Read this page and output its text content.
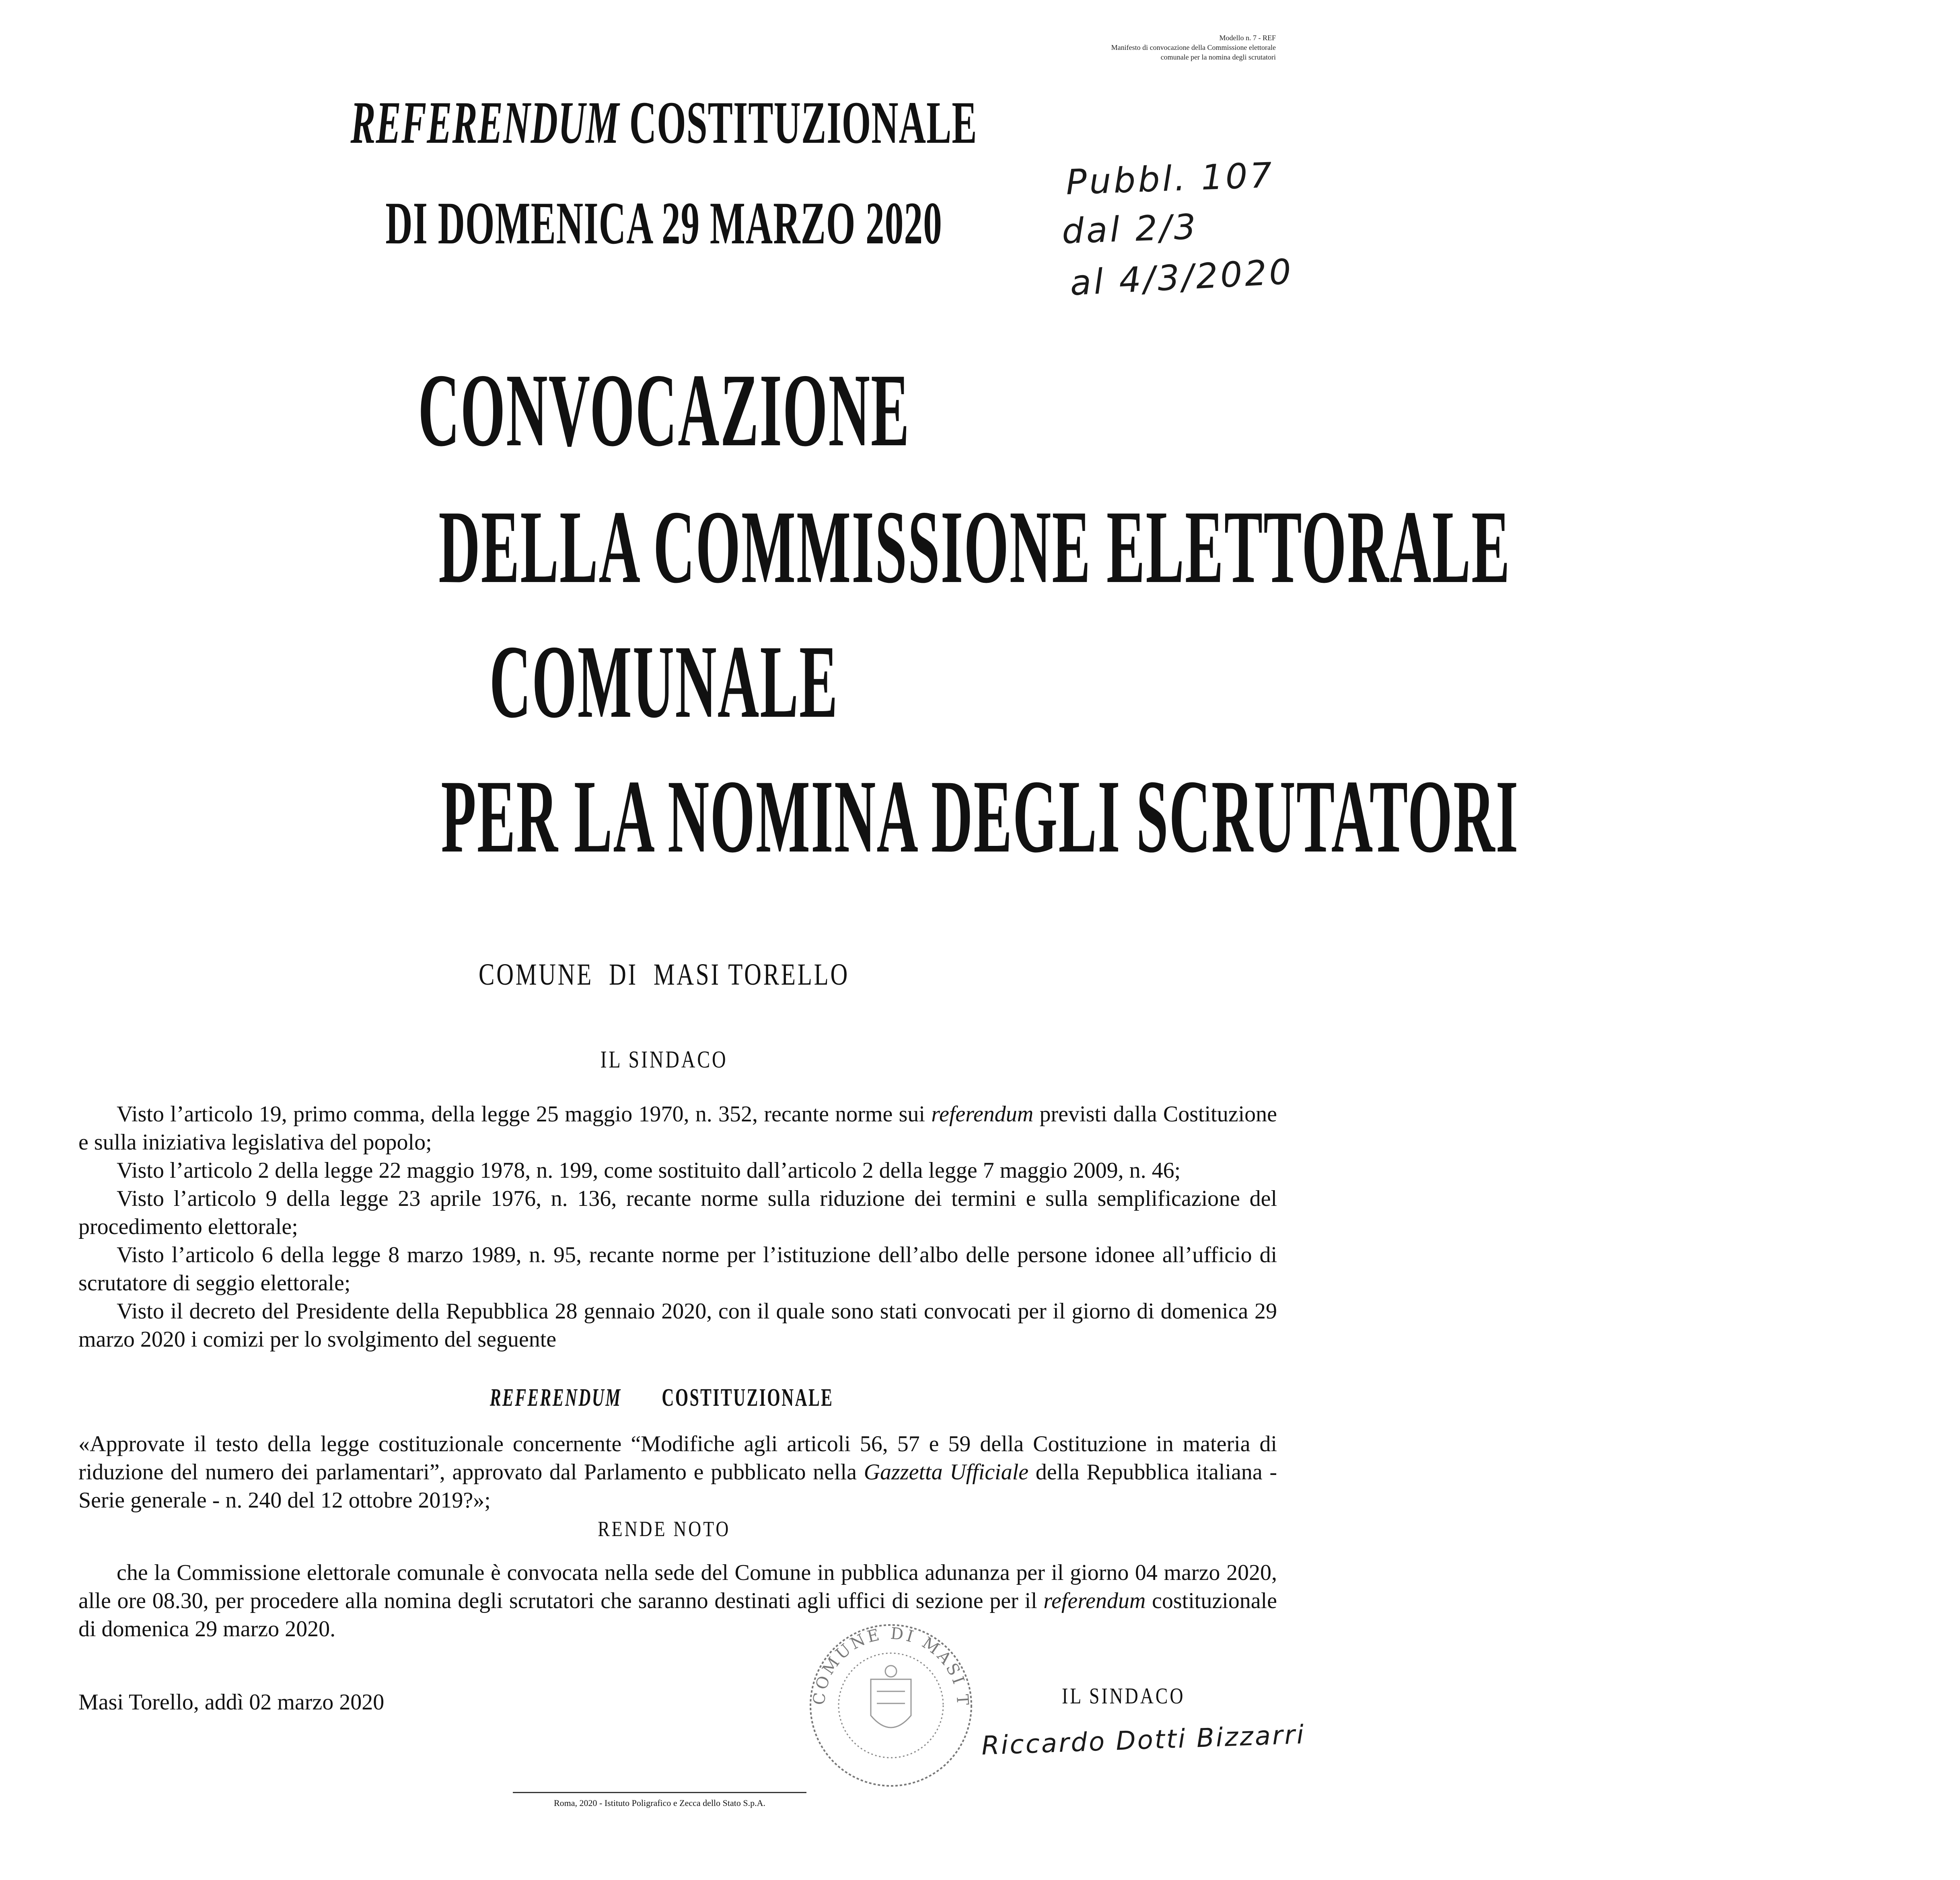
Modello n. 7 - REF
Manifesto di convocazione della Commissione elettorale
comunale per la nomina degli scrutatori
REFERENDUM COSTITUZIONALE
DI DOMENICA 29 MARZO 2020
Pubbl. 107
dal 2/3
al 4/3/2020
CONVOCAZIONE
DELLA COMMISSIONE ELETTORALE
COMUNALE
PER LA NOMINA DEGLI SCRUTATORI
COMUNE  DI  MASI TORELLO
IL SINDACO

Visto l’articolo 19, primo comma, della legge 25 maggio 1970, n. 352, recante norme sui referendum previsti dalla Costituzione e sulla iniziativa legislativa del popolo;

Visto l’articolo 2 della legge 22 maggio 1978, n. 199, come sostituito dall’articolo 2 della legge 7 maggio 2009, n. 46;

Visto l’articolo 9 della legge 23 aprile 1976, n. 136, recante norme sulla riduzione dei termini e sulla semplificazione del procedimento elettorale;

Visto l’articolo 6 della legge 8 marzo 1989, n. 95, recante norme per l’istituzione dell’albo delle persone idonee all’ufficio di scrutatore di seggio elettorale;

Visto il decreto del Presidente della Repubblica 28 gennaio 2020, con il quale sono stati convocati per il giorno di domenica 29 marzo 2020 i comizi per lo svolgimento del seguente

REFERENDUM COSTITUZIONALE

«Approvate il testo della legge costituzionale concernente “Modifiche agli articoli 56, 57 e 59 della Costituzione in materia di riduzione del numero dei parlamentari”, approvato dal Parlamento e pubblicato nella Gazzetta Ufficiale della Repubblica italiana - Serie generale - n. 240 del 12 ottobre 2019?»;

RENDE NOTO

che la Commissione elettorale comunale è convocata nella sede del Comune in pubblica adunanza per il giorno 04 marzo 2020, alle ore 08.30, per procedere alla nomina degli scrutatori che saranno destinati agli uffici di sezione per il referendum costituzionale di domenica 29 marzo 2020.

Masi Torello, addì 02 marzo 2020	COMUNE DI MASI T	IL SINDACO
Riccardo Dotti Bizzarri
Roma, 2020 - Istituto Poligrafico e Zecca dello Stato S.p.A.
